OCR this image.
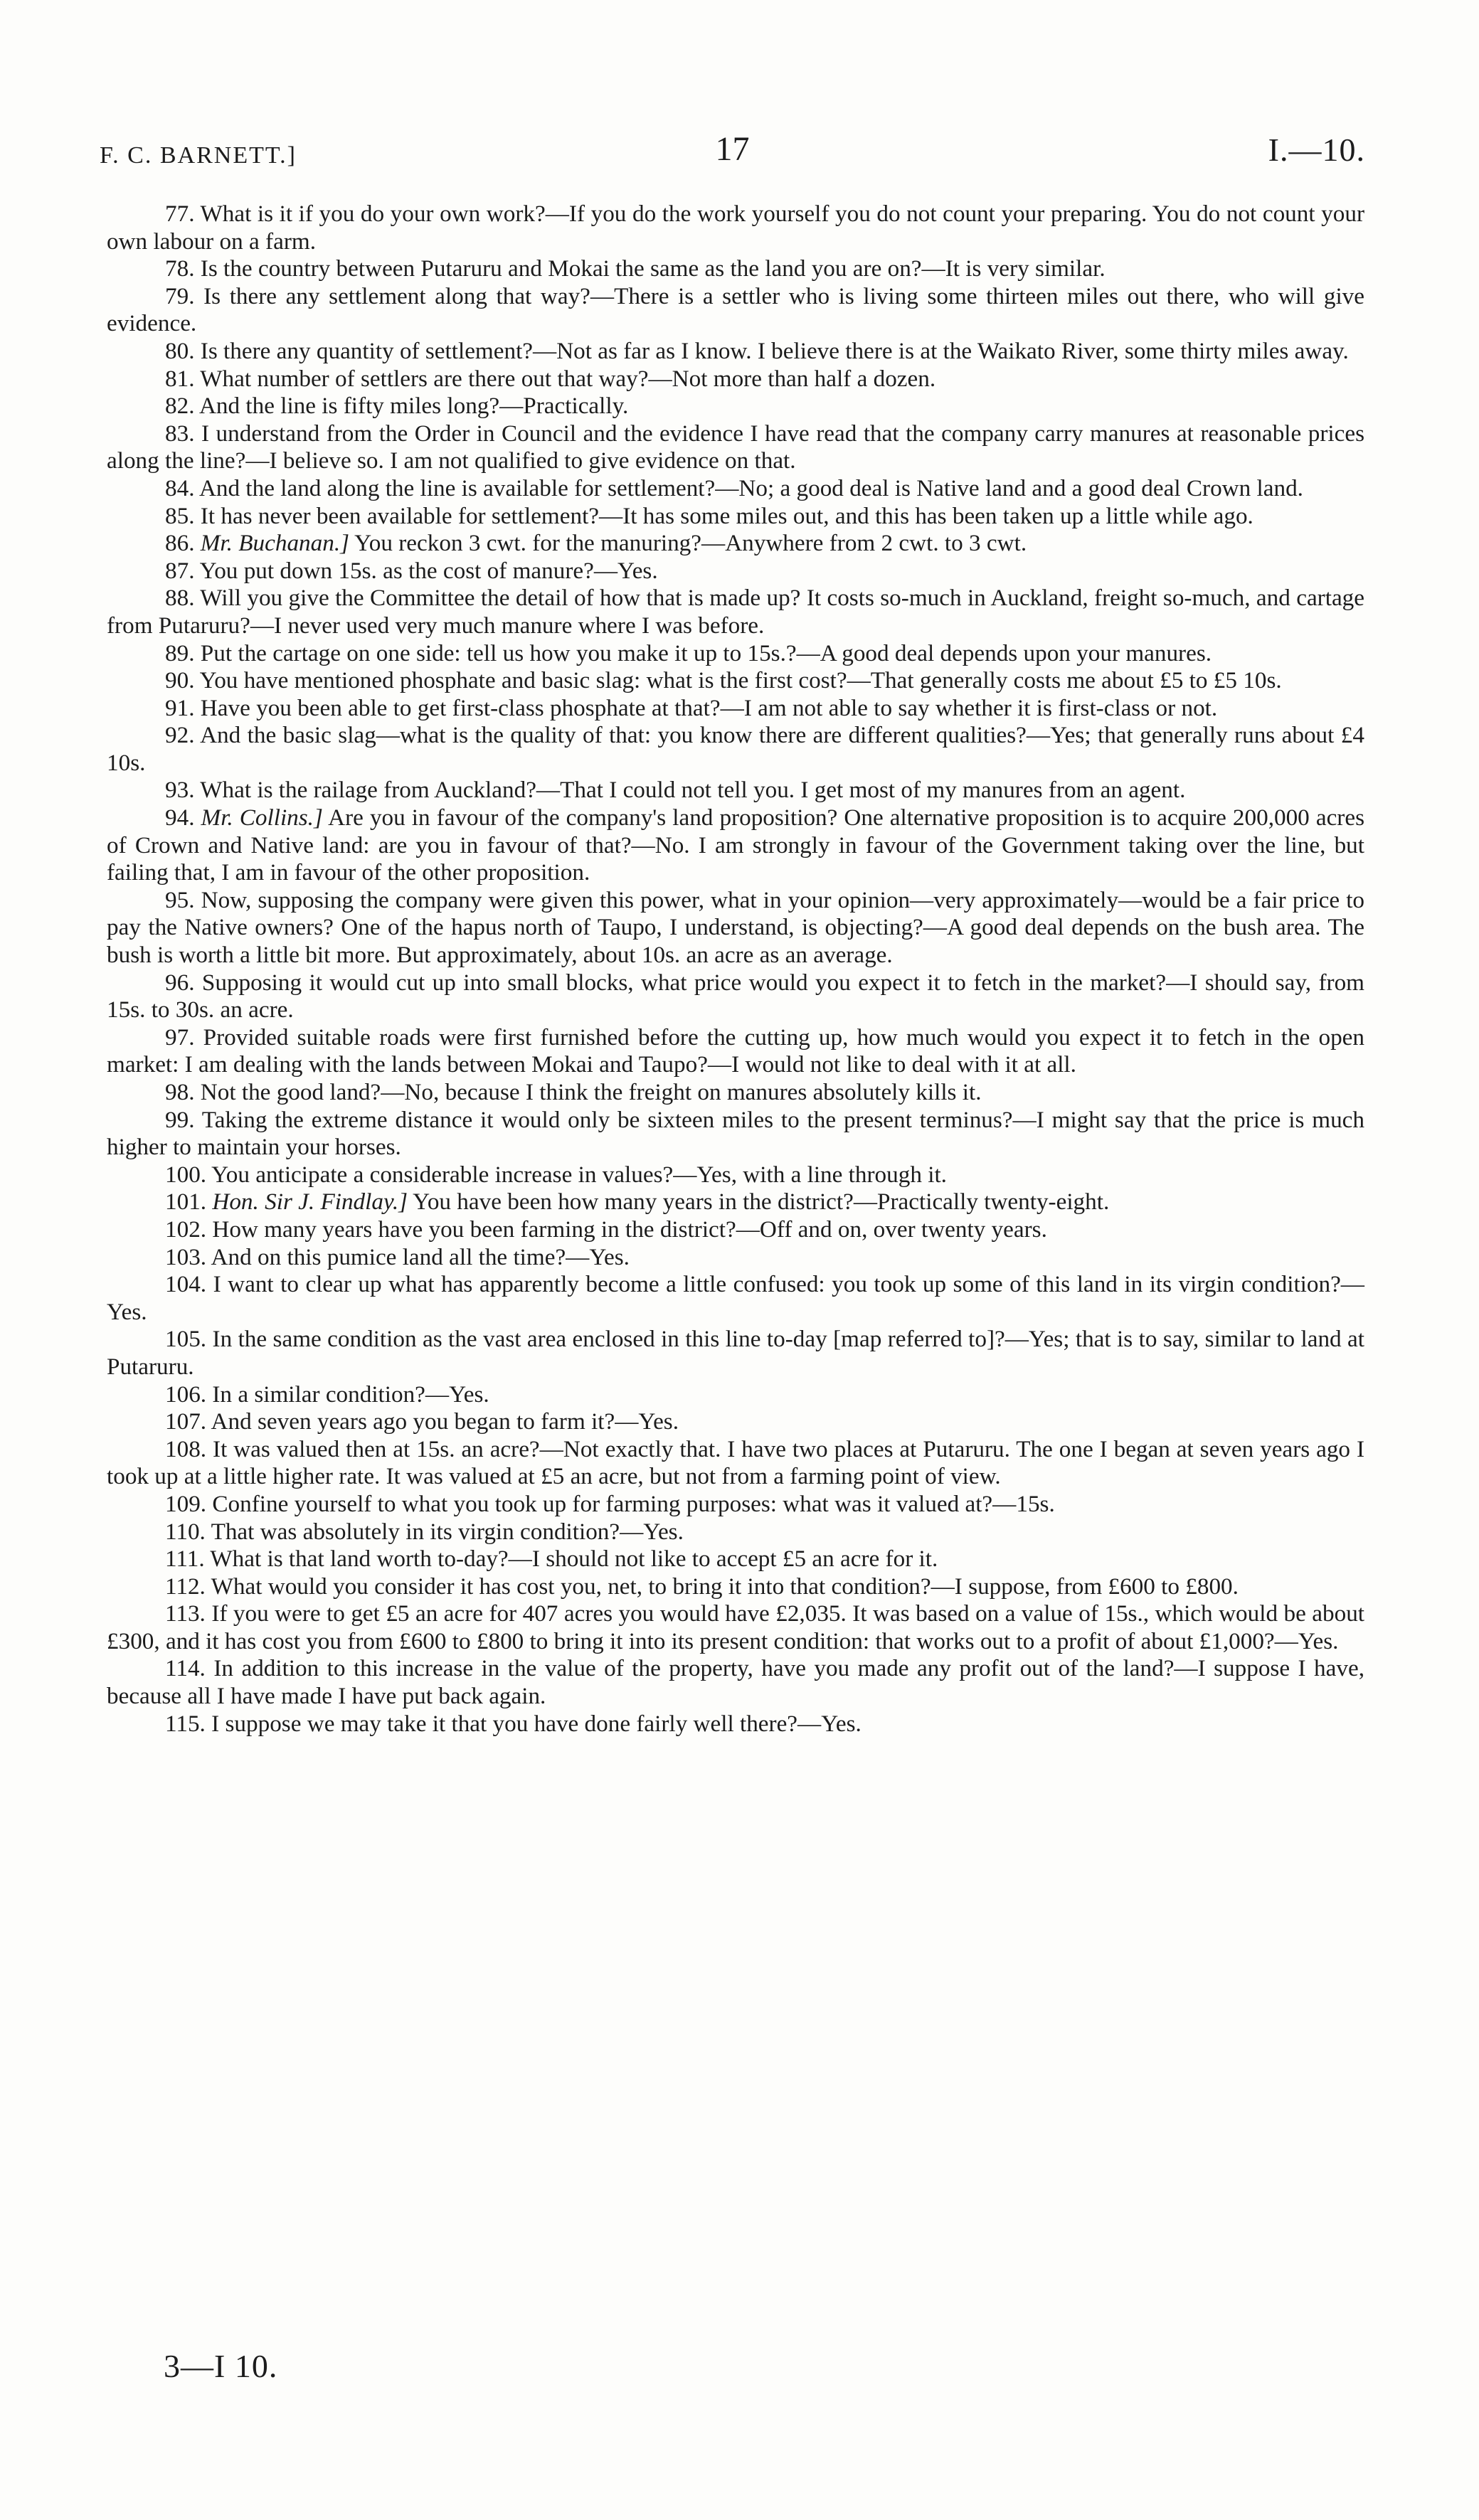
F. C. BARNETT.]	17	I.—10.

77. What is it if you do your own work?—If you do the work yourself you do not count your preparing. You do not count your own labour on a farm.

78. Is the country between Putaruru and Mokai the same as the land you are on?—It is very similar.

79. Is there any settlement along that way?—There is a settler who is living some thirteen miles out there, who will give evidence.

80. Is there any quantity of settlement?—Not as far as I know. I believe there is at the Waikato River, some thirty miles away.

81. What number of settlers are there out that way?—Not more than half a dozen.

82. And the line is fifty miles long?—Practically.

83. I understand from the Order in Council and the evidence I have read that the company carry manures at reasonable prices along the line?—I believe so. I am not qualified to give evidence on that.

84. And the land along the line is available for settlement?—No; a good deal is Native land and a good deal Crown land.

85. It has never been available for settlement?—It has some miles out, and this has been taken up a little while ago.

86. Mr. Buchanan.] You reckon 3 cwt. for the manuring?—Anywhere from 2 cwt. to 3 cwt.

87. You put down 15s. as the cost of manure?—Yes.

88. Will you give the Committee the detail of how that is made up? It costs so-much in Auckland, freight so-much, and cartage from Putaruru?—I never used very much manure where I was before.

89. Put the cartage on one side: tell us how you make it up to 15s.?—A good deal depends upon your manures.

90. You have mentioned phosphate and basic slag: what is the first cost?—That generally costs me about £5 to £5 10s.

91. Have you been able to get first-class phosphate at that?—I am not able to say whether it is first-class or not.

92. And the basic slag—what is the quality of that: you know there are different qualities?—Yes; that generally runs about £4 10s.

93. What is the railage from Auckland?—That I could not tell you. I get most of my manures from an agent.

94. Mr. Collins.] Are you in favour of the company's land proposition? One alternative proposition is to acquire 200,000 acres of Crown and Native land: are you in favour of that?—No. I am strongly in favour of the Government taking over the line, but failing that, I am in favour of the other proposition.

95. Now, supposing the company were given this power, what in your opinion—very approximately—would be a fair price to pay the Native owners? One of the hapus north of Taupo, I understand, is objecting?—A good deal depends on the bush area. The bush is worth a little bit more. But approximately, about 10s. an acre as an average.

96. Supposing it would cut up into small blocks, what price would you expect it to fetch in the market?—I should say, from 15s. to 30s. an acre.

97. Provided suitable roads were first furnished before the cutting up, how much would you expect it to fetch in the open market: I am dealing with the lands between Mokai and Taupo?—I would not like to deal with it at all.

98. Not the good land?—No, because I think the freight on manures absolutely kills it.

99. Taking the extreme distance it would only be sixteen miles to the present terminus?—I might say that the price is much higher to maintain your horses.

100. You anticipate a considerable increase in values?—Yes, with a line through it.

101. Hon. Sir J. Findlay.] You have been how many years in the district?—Practically twenty-eight.

102. How many years have you been farming in the district?—Off and on, over twenty years.

103. And on this pumice land all the time?—Yes.

104. I want to clear up what has apparently become a little confused: you took up some of this land in its virgin condition?—Yes.

105. In the same condition as the vast area enclosed in this line to-day [map referred to]?—Yes; that is to say, similar to land at Putaruru.

106. In a similar condition?—Yes.

107. And seven years ago you began to farm it?—Yes.

108. It was valued then at 15s. an acre?—Not exactly that. I have two places at Putaruru. The one I began at seven years ago I took up at a little higher rate. It was valued at £5 an acre, but not from a farming point of view.

109. Confine yourself to what you took up for farming purposes: what was it valued at?—15s.

110. That was absolutely in its virgin condition?—Yes.

111. What is that land worth to-day?—I should not like to accept £5 an acre for it.

112. What would you consider it has cost you, net, to bring it into that condition?—I suppose, from £600 to £800.

113. If you were to get £5 an acre for 407 acres you would have £2,035. It was based on a value of 15s., which would be about £300, and it has cost you from £600 to £800 to bring it into its present condition: that works out to a profit of about £1,000?—Yes.

114. In addition to this increase in the value of the property, have you made any profit out of the land?—I suppose I have, because all I have made I have put back again.

115. I suppose we may take it that you have done fairly well there?—Yes.

3—I 10.
